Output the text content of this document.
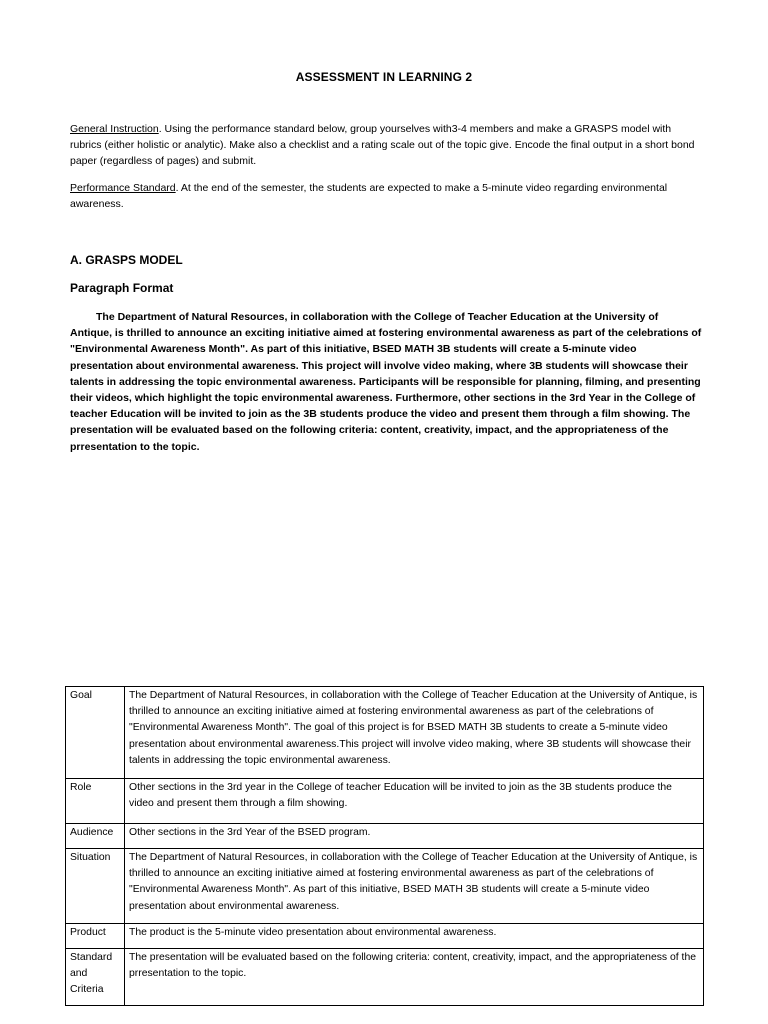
ASSESSMENT IN LEARNING 2
General Instruction. Using the performance standard below, group yourselves with3-4 members and make a GRASPS model with rubrics (either holistic or analytic). Make also a checklist and a rating scale out of the topic give. Encode the final output in a short bond paper (regardless of pages) and submit.
Performance Standard. At the end of the semester, the students are expected to make a 5-minute video regarding environmental awareness.
A. GRASPS MODEL
Paragraph Format
The Department of Natural Resources, in collaboration with the College of Teacher Education at the University of Antique, is thrilled to announce an exciting initiative aimed at fostering environmental awareness as part of the celebrations of "Environmental Awareness Month". As part of this initiative, BSED MATH 3B students will create a 5-minute video presentation about environmental awareness. This project will involve video making, where 3B students will showcase their talents in addressing the topic environmental awareness. Participants will be responsible for planning, filming, and presenting their videos, which highlight the topic environmental awareness. Furthermore, other sections in the 3rd Year in the College of teacher Education will be invited to join as the 3B students produce the video and present them through a film showing. The presentation will be evaluated based on the following criteria: content, creativity, impact, and the appropriateness of the prresentation to the topic.
Goal	The Department of Natural Resources, in collaboration with the College of Teacher Education at the University of Antique, is thrilled to announce an exciting initiative aimed at fostering environmental awareness as part of the celebrations of "Environmental Awareness Month". The goal of this project is for BSED MATH 3B students to create a 5-minute video presentation about environmental awareness.This project will involve video making, where 3B students will showcase their talents in addressing the topic environmental awareness.
Role	Other sections in the 3rd year in the College of teacher Education will be invited to join as the 3B students produce the video and present them through a film showing.
Audience	Other sections in the 3rd Year of the BSED program.
Situation	The Department of Natural Resources, in collaboration with the College of Teacher Education at the University of Antique, is thrilled to announce an exciting initiative aimed at fostering environmental awareness as part of the celebrations of "Environmental Awareness Month". As part of this initiative, BSED MATH 3B students will create a 5-minute video presentation about environmental awareness.
Product	The product is the 5-minute video presentation about environmental awareness.
Standard and Criteria	The presentation will be evaluated based on the following criteria: content, creativity, impact, and the appropriateness of the prresentation to the topic.
